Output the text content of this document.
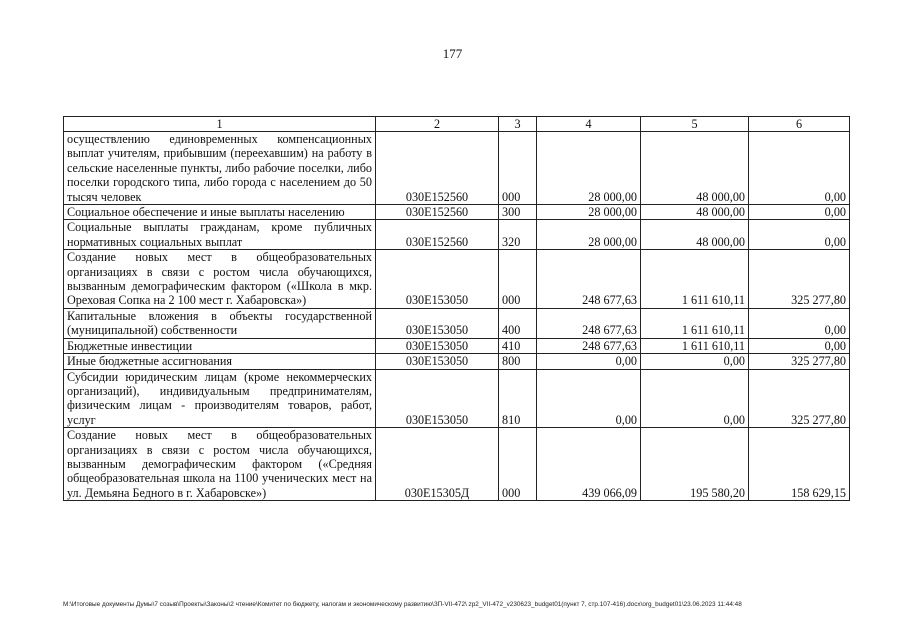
177
1	2	3	4	5	6
осуществлению единовременных компенсационных выплат учителям, прибывшим (переехавшим) на работу в сельские населенные пункты, либо рабочие поселки, либо поселки городского типа, либо города с населением до 50 тысяч человек	030Е152560	000	28 000,00	48 000,00	0,00
Социальное обеспечение и иные выплаты населению	030Е152560	300	28 000,00	48 000,00	0,00
Социальные выплаты гражданам, кроме публичных нормативных социальных выплат	030Е152560	320	28 000,00	48 000,00	0,00
Создание новых мест в общеобразовательных организациях в связи с ростом числа обучающихся, вызванным демографическим фактором («Школа в мкр. Ореховая Сопка на 2 100 мест г. Хабаровска»)	030Е153050	000	248 677,63	1 611 610,11	325 277,80
Капитальные вложения в объекты государственной (муниципальной) собственности	030Е153050	400	248 677,63	1 611 610,11	0,00
Бюджетные инвестиции	030Е153050	410	248 677,63	1 611 610,11	0,00
Иные бюджетные ассигнования	030Е153050	800	0,00	0,00	325 277,80
Субсидии юридическим лицам (кроме некоммерческих организаций), индивидуальным предпринимателям, физическим лицам - производителям товаров, работ, услуг	030Е153050	810	0,00	0,00	325 277,80
Создание новых мест в общеобразовательных организациях в связи с ростом числа обучающихся, вызванным демографическим фактором («Средняя общеобразовательная школа на 1100 ученических мест на ул. Демьяна Бедного в г. Хабаровске»)	030Е15305Д	000	439 066,09	195 580,20	158 629,15
M:\Итоговые документы Думы\7 созыв\Проекты\Законы\2 чтение\Комитет по бюджету, налогам и экономическому развитию\ЗП-VII-472\ zp2_VII-472_v230623_budget01(пункт 7, стр.107-416).docx\org_budget01\23.06.2023 11:44:48
